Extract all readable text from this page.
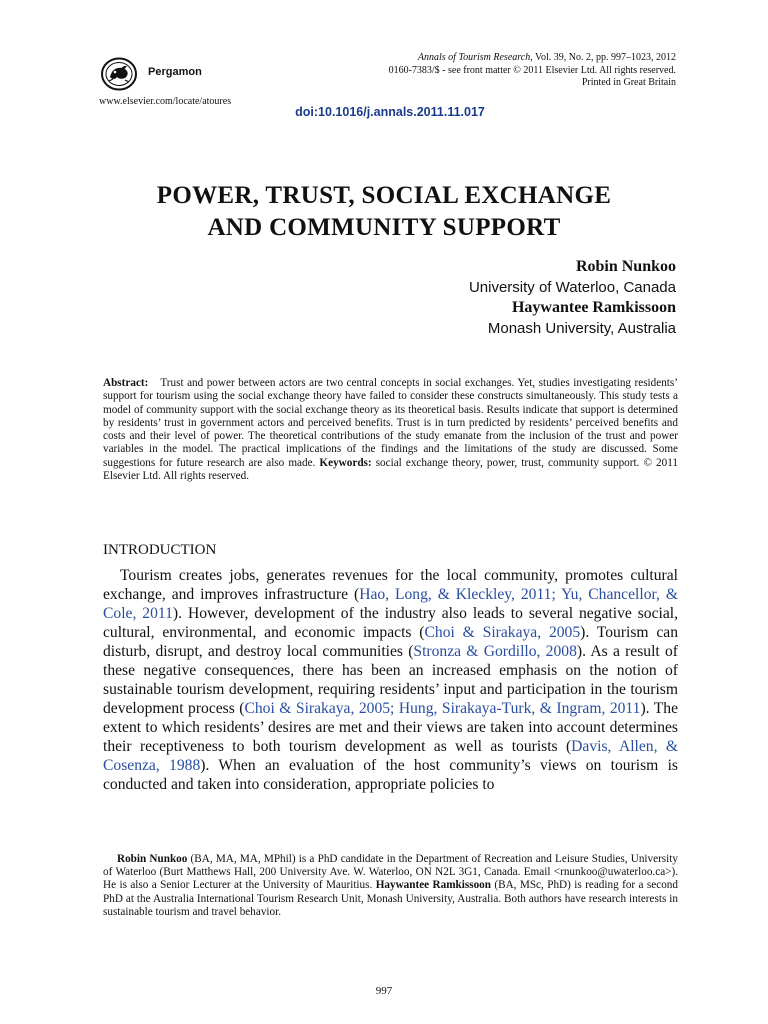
Pergamon
Annals of Tourism Research, Vol. 39, No. 2, pp. 997–1023, 2012
0160-7383/$ - see front matter © 2011 Elsevier Ltd. All rights reserved.
Printed in Great Britain
www.elsevier.com/locate/atoures
doi:10.1016/j.annals.2011.11.017
POWER, TRUST, SOCIAL EXCHANGE
AND COMMUNITY SUPPORT
Robin Nunkoo
University of Waterloo, Canada
Haywantee Ramkissoon
Monash University, Australia
Abstract: Trust and power between actors are two central concepts in social exchanges. Yet, studies investigating residents’ support for tourism using the social exchange theory have failed to consider these constructs simultaneously. This study tests a model of community support with the social exchange theory as its theoretical basis. Results indicate that support is determined by residents’ trust in government actors and perceived benefits. Trust is in turn predicted by residents’ perceived benefits and costs and their level of power. The theoretical contributions of the study emanate from the inclusion of the trust and power variables in the model. The practical implications of the findings and the limitations of the study are discussed. Some suggestions for future research are also made. Keywords: social exchange theory, power, trust, community support. © 2011 Elsevier Ltd. All rights reserved.
INTRODUCTION

Tourism creates jobs, generates revenues for the local community, promotes cultural exchange, and improves infrastructure (Hao, Long, & Kleckley, 2011; Yu, Chancellor, & Cole, 2011). However, development of the industry also leads to several negative social, cultural, environmental, and economic impacts (Choi & Sirakaya, 2005). Tourism can disturb, disrupt, and destroy local communities (Stronza & Gordillo, 2008). As a result of these negative consequences, there has been an increased emphasis on the notion of sustainable tourism development, requiring residents’ input and participation in the tourism development process (Choi & Sirakaya, 2005; Hung, Sirakaya-Turk, & Ingram, 2011). The extent to which residents’ desires are met and their views are taken into account determines their receptiveness to both tourism development as well as tourists (Davis, Allen, & Cosenza, 1988). When an evaluation of the host community’s views on tourism is conducted and taken into consideration, appropriate policies to

Robin Nunkoo (BA, MA, MA, MPhil) is a PhD candidate in the Department of Recreation and Leisure Studies, University of Waterloo (Burt Matthews Hall, 200 University Ave. W. Waterloo, ON N2L 3G1, Canada. Email <rnunkoo@uwaterloo.ca>). He is also a Senior Lecturer at the University of Mauritius. Haywantee Ramkissoon (BA, MSc, PhD) is reading for a second PhD at the Australia International Tourism Research Unit, Monash University, Australia. Both authors have research interests in sustainable tourism and travel behavior.
997
